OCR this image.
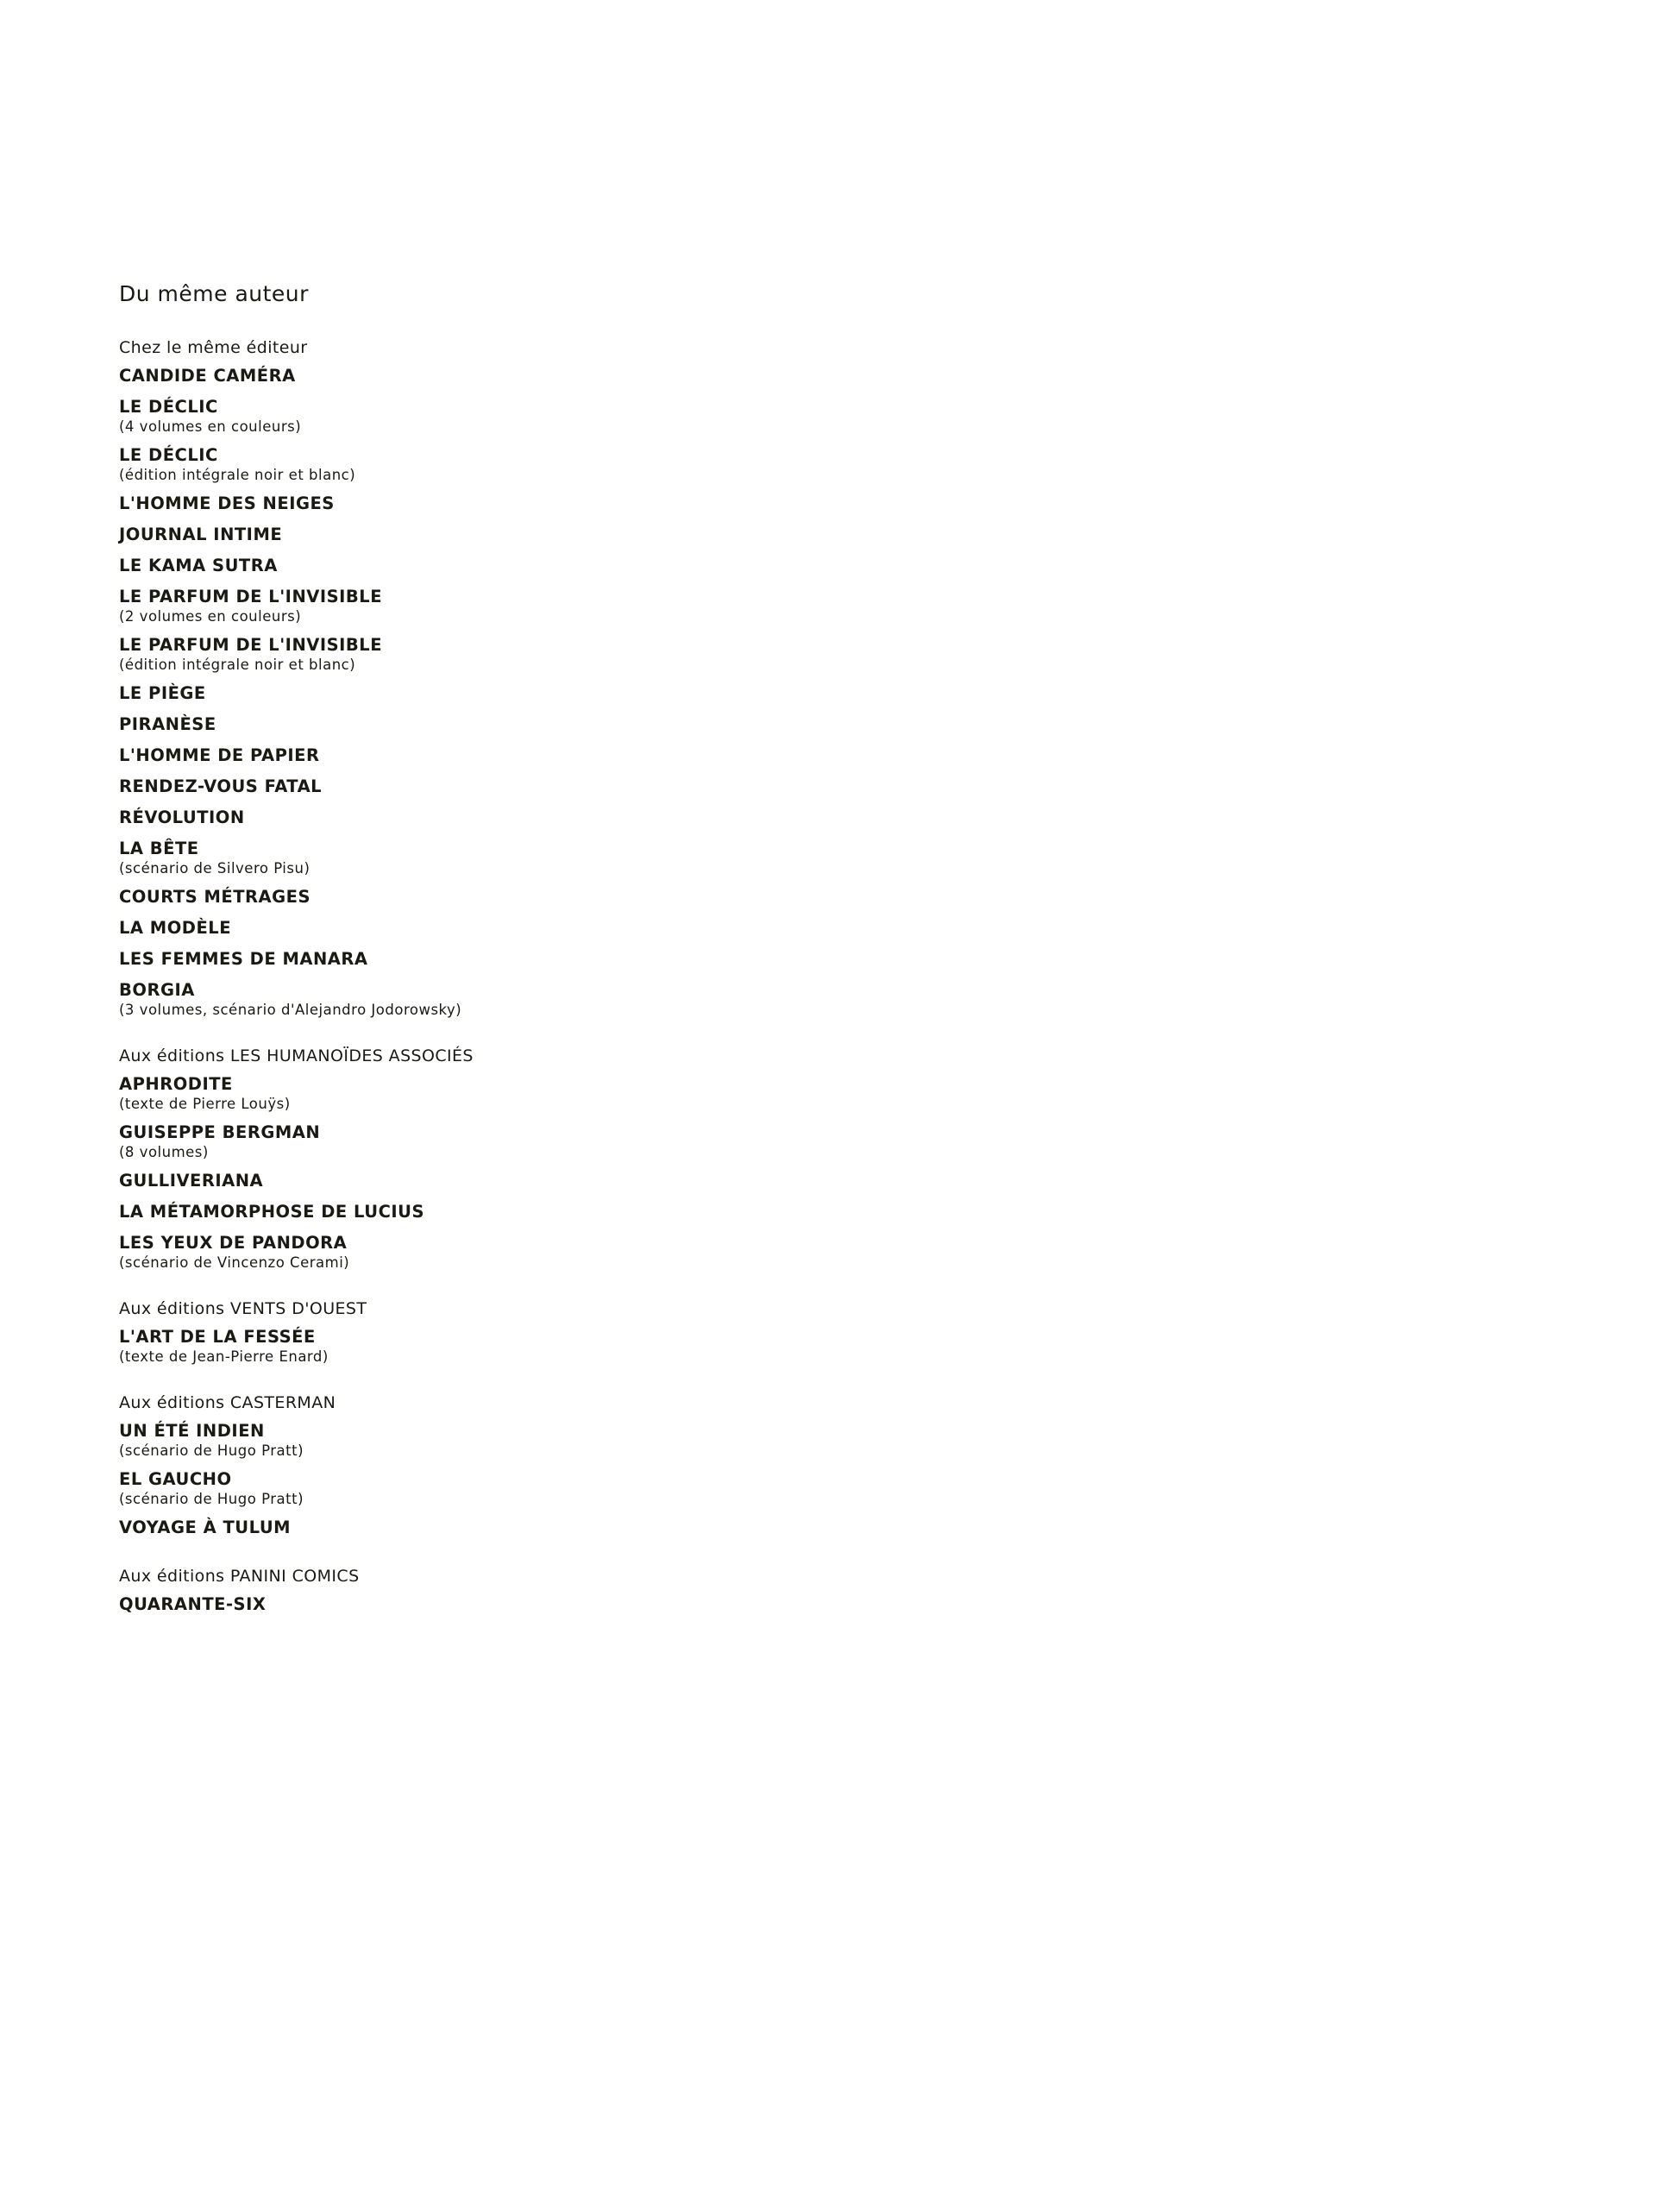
Du même auteur
Chez le même éditeur
CANDIDE CAMÉRA
LE DÉCLIC
(4 volumes en couleurs)
LE DÉCLIC
(édition intégrale noir et blanc)
L'HOMME DES NEIGES
JOURNAL INTIME
LE KAMA SUTRA
LE PARFUM DE L'INVISIBLE
(2 volumes en couleurs)
LE PARFUM DE L'INVISIBLE
(édition intégrale noir et blanc)
LE PIÈGE
PIRANÈSE
L'HOMME DE PAPIER
RENDEZ-VOUS FATAL
RÉVOLUTION
LA BÊTE
(scénario de Silvero Pisu)
COURTS MÉTRAGES
LA MODÈLE
LES FEMMES DE MANARA
BORGIA
(3 volumes, scénario d'Alejandro Jodorowsky)
Aux éditions LES HUMANOÏDES ASSOCIÉS
APHRODITE
(texte de Pierre Louÿs)
GUISEPPE BERGMAN
(8 volumes)
GULLIVERIANA
LA MÉTAMORPHOSE DE LUCIUS
LES YEUX DE PANDORA
(scénario de Vincenzo Cerami)
Aux éditions VENTS D'OUEST
L'ART DE LA FESSÉE
(texte de Jean-Pierre Enard)
Aux éditions CASTERMAN
UN ÉTÉ INDIEN
(scénario de Hugo Pratt)
EL GAUCHO
(scénario de Hugo Pratt)
VOYAGE À TULUM
Aux éditions PANINI COMICS
QUARANTE-SIX
